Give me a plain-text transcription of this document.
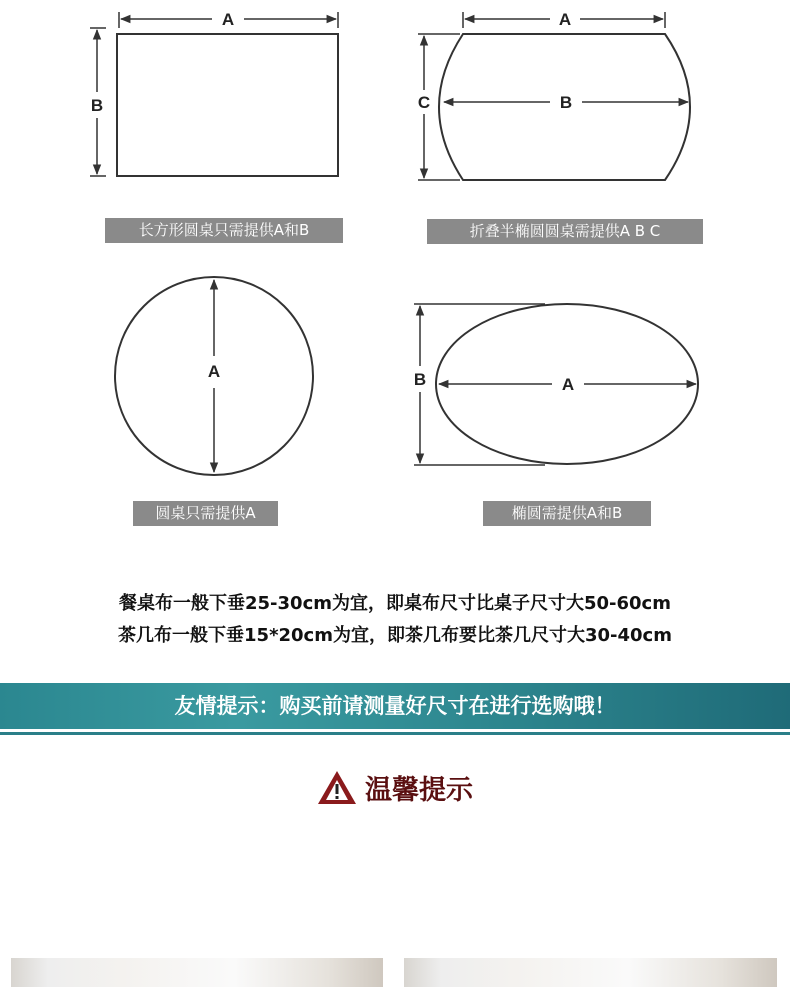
A
B
A
B
C
A
A
B
长方形圆桌只需提供A和B	折叠半椭圆圆桌需提供A B C
圆桌只需提供A	椭圆需提供A和B
餐桌布一般下垂25-30cm为宜，即桌布尺寸比桌子尺寸大50-60cm
茶几布一般下垂15*20cm为宜，即茶几布要比茶几尺寸大30-40cm
友情提示：购买前请测量好尺寸在进行选购哦！
温馨提示
